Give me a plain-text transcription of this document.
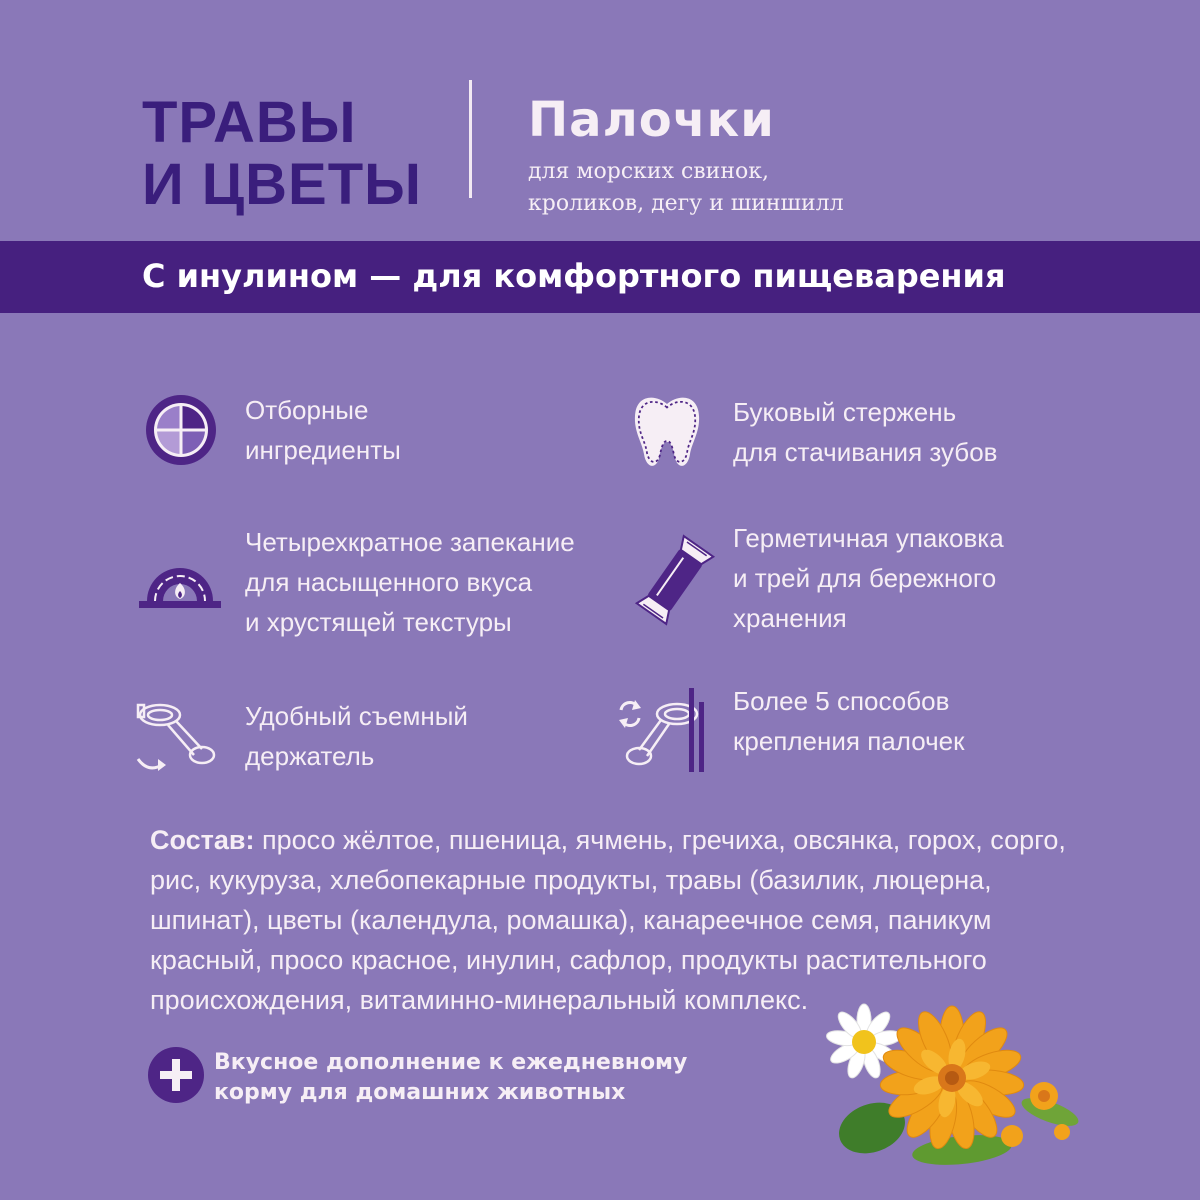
ТРАВЫ
И ЦВЕТЫ
Палочки
для морских свинок,
кроликов, дегу и шиншилл
С инулином — для комфортного пищеварения
Отборные
ингредиенты
Буковый стержень
для стачивания зубов
Четырехкратное запекание
для насыщенного вкуса
и хрустящей текстуры
Герметичная упаковка
и трей для бережного
хранения
Удобный съемный
держатель
Более 5 способов
крепления палочек
Состав: просо жёлтое, пшеница, ячмень, гречиха, овсянка, горох, сорго, рис, кукуруза, хлебопекарные продукты, травы (базилик, люцерна, шпинат), цветы (календула, ромашка), канареечное семя, паникум красный, просо красное, инулин, сафлор, продукты растительного происхождения, витаминно-минеральный комплекс.
Вкусное дополнение к ежедневному
корму для домашних животных
